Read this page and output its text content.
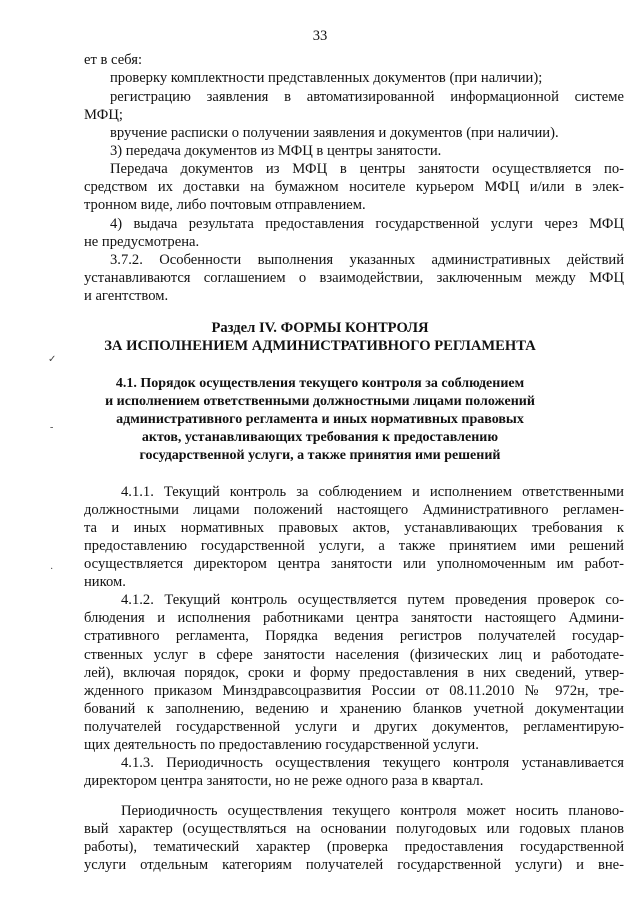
33
ет в себя:
проверку комплектности представленных документов (при наличии);
регистрацию заявления в автоматизированной информационной системе
МФЦ;
вручение расписки о получении заявления и документов (при наличии).
3) передача документов из МФЦ в центры занятости.
Передача документов из МФЦ в центры занятости осуществляется по-
средством их доставки на бумажном носителе курьером МФЦ и/или в элек-
тронном виде, либо почтовым отправлением.
4) выдача результата предоставления государственной услуги через МФЦ
не предусмотрена.
3.7.2. Особенности выполнения указанных административных действий
устанавливаются соглашением о взаимодействии, заключенным между МФЦ
и агентством.
Раздел IV. ФОРМЫ КОНТРОЛЯ
ЗА ИСПОЛНЕНИЕМ АДМИНИСТРАТИВНОГО РЕГЛАМЕНТА
4.1. Порядок осуществления текущего контроля за соблюдением
и исполнением ответственными должностными лицами положений
административного регламента и иных нормативных правовых
актов, устанавливающих требования к предоставлению
государственной услуги, а также принятия ими решений
4.1.1. Текущий контроль за соблюдением и исполнением ответственными
должностными лицами положений настоящего Административного регламен-
та и иных нормативных правовых актов, устанавливающих требования к
предоставлению государственной услуги, а также принятием ими решений
осуществляется директором центра занятости или уполномоченным им работ-
ником.
4.1.2. Текущий контроль осуществляется путем проведения проверок со-
блюдения и исполнения работниками центра занятости настоящего Админи-
стративного регламента, Порядка ведения регистров получателей государ-
ственных услуг в сфере занятости населения (физических лиц и работодате-
лей), включая порядок, сроки и форму предоставления в них сведений, утвер-
жденного приказом Минздравсоцразвития России от 08.11.2010 № 972н, тре-
бований к заполнению, ведению и хранению бланков учетной документации
получателей государственной услуги и других документов, регламентирую-
щих деятельность по предоставлению государственной услуги.
4.1.3. Периодичность осуществления текущего контроля устанавливается
директором центра занятости, но не реже одного раза в квартал.
Периодичность осуществления текущего контроля может носить планово-
вый характер (осуществляться на основании полугодовых или годовых планов
работы), тематический характер (проверка предоставления государственной
услуги отдельным категориям получателей государственной услуги) и вне-
✓
-
·
